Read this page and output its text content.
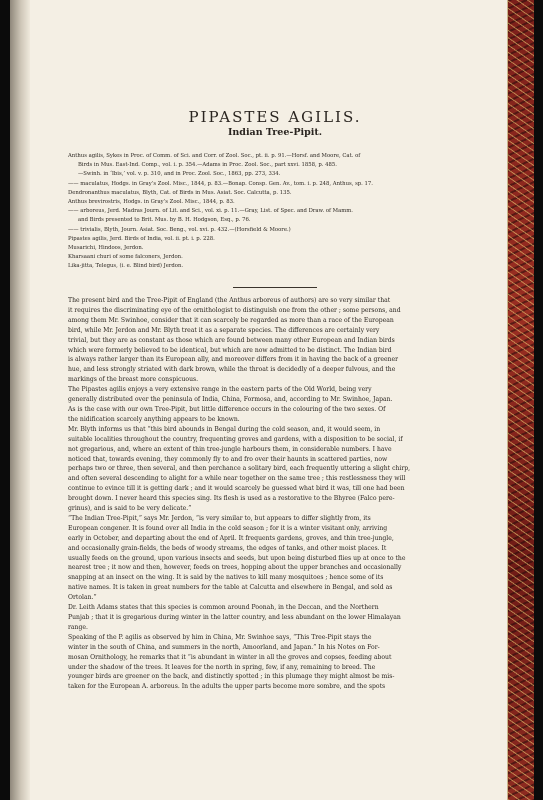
PIPASTES AGILIS.
Indian Tree-Pipit.

Anthus agilis, Sykes in Proc. of Comm. of Sci. and Corr. of Zool. Soc., pt. ii. p. 91.—Horsf. and Moore, Cat. of

Birds in Mus. East-Ind. Comp., vol. i. p. 354.—Adams in Proc. Zool. Soc., part xxvi. 1858, p. 485.

—Swinh. in ‘Ibis,’ vol. v. p. 310, and in Proc. Zool. Soc., 1863, pp. 273, 334.

—— maculatus, Hodgs. in Gray’s Zool. Misc., 1844, p. 83.—Bonap. Consp. Gen. Av., tom. i. p. 248, Anthus, sp. 17.

Dendronanthus maculatus, Blyth, Cat. of Birds in Mus. Asiat. Soc. Calcutta, p. 135.

Anthus brevirostris, Hodgs. in Gray’s Zool. Misc., 1844, p. 83.

—— arboreus, Jerd. Madras Journ. of Lit. and Sci., vol. xi. p. 11.—Gray, List. of Spec. and Draw. of Mamm.

and Birds presented to Brit. Mus. by B. H. Hodgson, Esq., p. 76.

—— trivialis, Blyth, Journ. Asiat. Soc. Beng., vol. xvi. p. 432.—(Horsfield & Moore.)

Pipastes agilis, Jerd. Birds of India, vol. ii. pt. i. p. 228.

Musarichi, Hindoos, Jerdon.

Kharsaani churi of some falconers, Jerdon.

Lika-jitta, Telegus, (i. e. Blind bird) Jerdon.

The present bird and the Tree-Pipit of England (the Anthus arboreus of authors) are so very similar that

it requires the discriminating eye of the ornithologist to distinguish one from the other ; some persons, and

among them Mr. Swinhoe, consider that it can scarcely be regarded as more than a race of the European

bird, while Mr. Jerdon and Mr. Blyth treat it as a separate species. The differences are certainly very

trivial, but they are as constant as those which are found between many other European and Indian birds

which were formerly believed to be identical, but which are now admitted to be distinct. The Indian bird

is always rather larger than its European ally, and moreover differs from it in having the back of a greener

hue, and less strongly striated with dark brown, while the throat is decidedly of a deeper fulvous, and the

markings of the breast more conspicuous.

The Pipastes agilis enjoys a very extensive range in the eastern parts of the Old World, being very

generally distributed over the peninsula of India, China, Formosa, and, according to Mr. Swinhoe, Japan.

As is the case with our own Tree-Pipit, but little difference occurs in the colouring of the two sexes. Of

the nidification scarcely anything appears to be known.

Mr. Blyth informs us that “this bird abounds in Bengal during the cold season, and, it would seem, in

suitable localities throughout the country, frequenting groves and gardens, with a disposition to be social, if

not gregarious, and, where an extent of thin tree-jungle harbours them, in considerable numbers. I have

noticed that, towards evening, they commonly fly to and fro over their haunts in scattered parties, now

perhaps two or three, then several, and then perchance a solitary bird, each frequently uttering a slight chirp,

and often several descending to alight for a while near together on the same tree ; this restlessness they will

continue to evince till it is getting dark ; and it would scarcely be guessed what bird it was, till one had been

brought down. I never heard this species sing. Its flesh is used as a restorative to the Bhyree (Falco pere-

grinus), and is said to be very delicate.”

“The Indian Tree-Pipit,” says Mr. Jerdon, “is very similar to, but appears to differ slightly from, its

European congener. It is found over all India in the cold season ; for it is a winter visitant only, arriving

early in October, and departing about the end of April. It frequents gardens, groves, and thin tree-jungle,

and occasionally grain-fields, the beds of woody streams, the edges of tanks, and other moist places. It

usually feeds on the ground, upon various insects and seeds, but upon being disturbed flies up at once to the

nearest tree ; it now and then, however, feeds on trees, hopping about the upper branches and occasionally

snapping at an insect on the wing. It is said by the natives to kill many mosquitoes ; hence some of its

native names. It is taken in great numbers for the table at Calcutta and elsewhere in Bengal, and sold as

Ortolan.”

Dr. Leith Adams states that this species is common around Poonah, in the Deccan, and the Northern

Punjab ; that it is gregarious during winter in the latter country, and less abundant on the lower Himalayan

range.

Speaking of the P. agilis as observed by him in China, Mr. Swinhoe says, “This Tree-Pipit stays the

winter in the south of China, and summers in the north, Amoorland, and Japan.” In his Notes on For-

mosan Ornithology, he remarks that it “is abundant in winter in all the groves and copses, feeding about

under the shadow of the trees. It leaves for the north in spring, few, if any, remaining to breed. The

younger birds are greener on the back, and distinctly spotted ; in this plumage they might almost be mis-

taken for the European A. arboreus. In the adults the upper parts become more sombre, and the spots
